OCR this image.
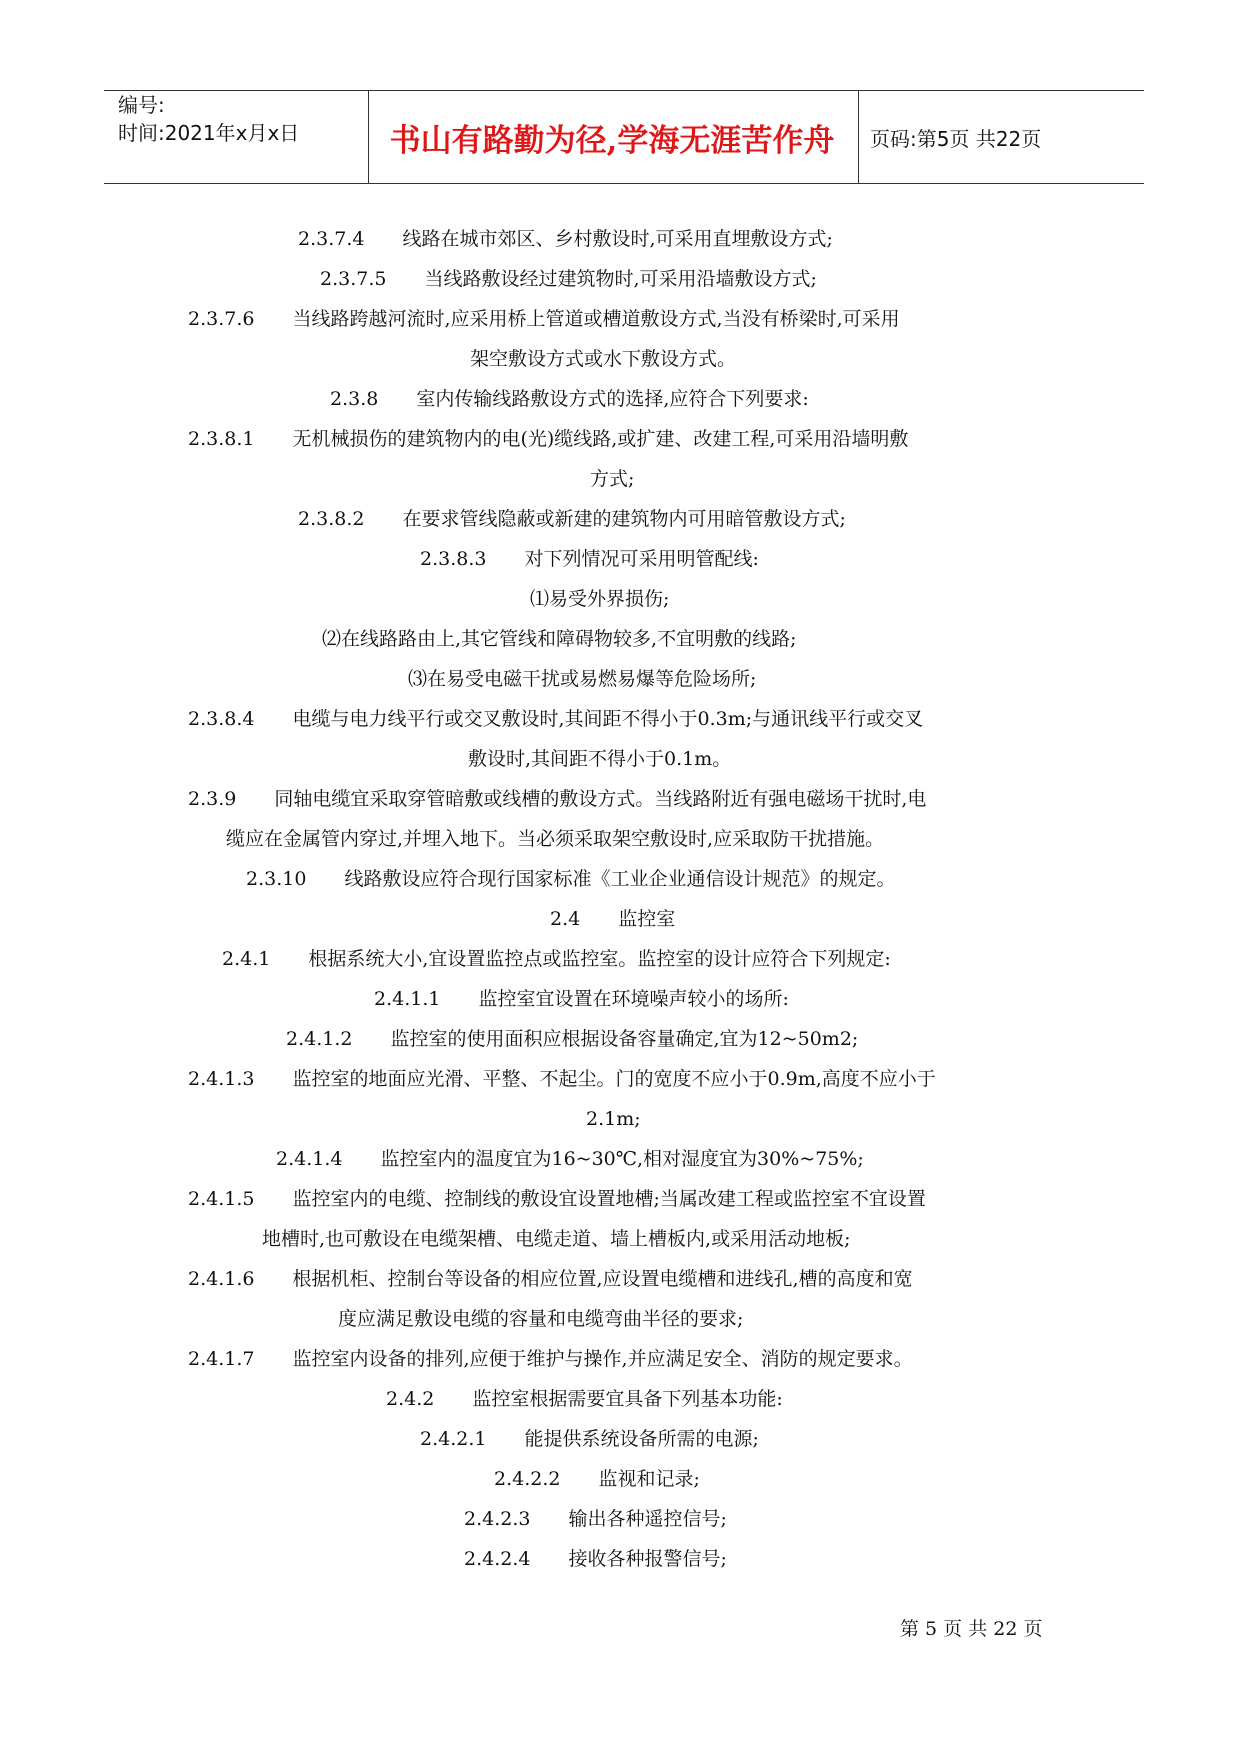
编号:
时间:2021年x月x日	书山有路勤为径,学海无涯苦作舟	页码:第5页 共22页
2.3.7.4 线路在城市郊区、乡村敷设时,可采用直埋敷设方式;
2.3.7.5 当线路敷设经过建筑物时,可采用沿墙敷设方式;
2.3.7.6 当线路跨越河流时,应采用桥上管道或槽道敷设方式,当没有桥梁时,可采用
架空敷设方式或水下敷设方式。
2.3.8 室内传输线路敷设方式的选择,应符合下列要求:
2.3.8.1 无机械损伤的建筑物内的电(光)缆线路,或扩建、改建工程,可采用沿墙明敷
方式;
2.3.8.2 在要求管线隐蔽或新建的建筑物内可用暗管敷设方式;
2.3.8.3 对下列情况可采用明管配线:
⑴易受外界损伤;
⑵在线路路由上,其它管线和障碍物较多,不宜明敷的线路;
⑶在易受电磁干扰或易燃易爆等危险场所;
2.3.8.4 电缆与电力线平行或交叉敷设时,其间距不得小于0.3m;与通讯线平行或交叉
敷设时,其间距不得小于0.1m。
2.3.9 同轴电缆宜采取穿管暗敷或线槽的敷设方式。当线路附近有强电磁场干扰时,电
缆应在金属管内穿过,并埋入地下。当必须采取架空敷设时,应采取防干扰措施。
2.3.10 线路敷设应符合现行国家标准《工业企业通信设计规范》的规定。
2.4 监控室
2.4.1 根据系统大小,宜设置监控点或监控室。监控室的设计应符合下列规定:
2.4.1.1 监控室宜设置在环境噪声较小的场所:
2.4.1.2 监控室的使用面积应根据设备容量确定,宜为12~50m2;
2.4.1.3 监控室的地面应光滑、平整、不起尘。门的宽度不应小于0.9m,高度不应小于
2.1m;
2.4.1.4 监控室内的温度宜为16~30℃,相对湿度宜为30%~75%;
2.4.1.5 监控室内的电缆、控制线的敷设宜设置地槽;当属改建工程或监控室不宜设置
地槽时,也可敷设在电缆架槽、电缆走道、墙上槽板内,或采用活动地板;
2.4.1.6 根据机柜、控制台等设备的相应位置,应设置电缆槽和进线孔,槽的高度和宽
度应满足敷设电缆的容量和电缆弯曲半径的要求;
2.4.1.7 监控室内设备的排列,应便于维护与操作,并应满足安全、消防的规定要求。
2.4.2 监控室根据需要宜具备下列基本功能:
2.4.2.1 能提供系统设备所需的电源;
2.4.2.2 监视和记录;
2.4.2.3 输出各种遥控信号;
2.4.2.4 接收各种报警信号;
第 5 页 共 22 页
